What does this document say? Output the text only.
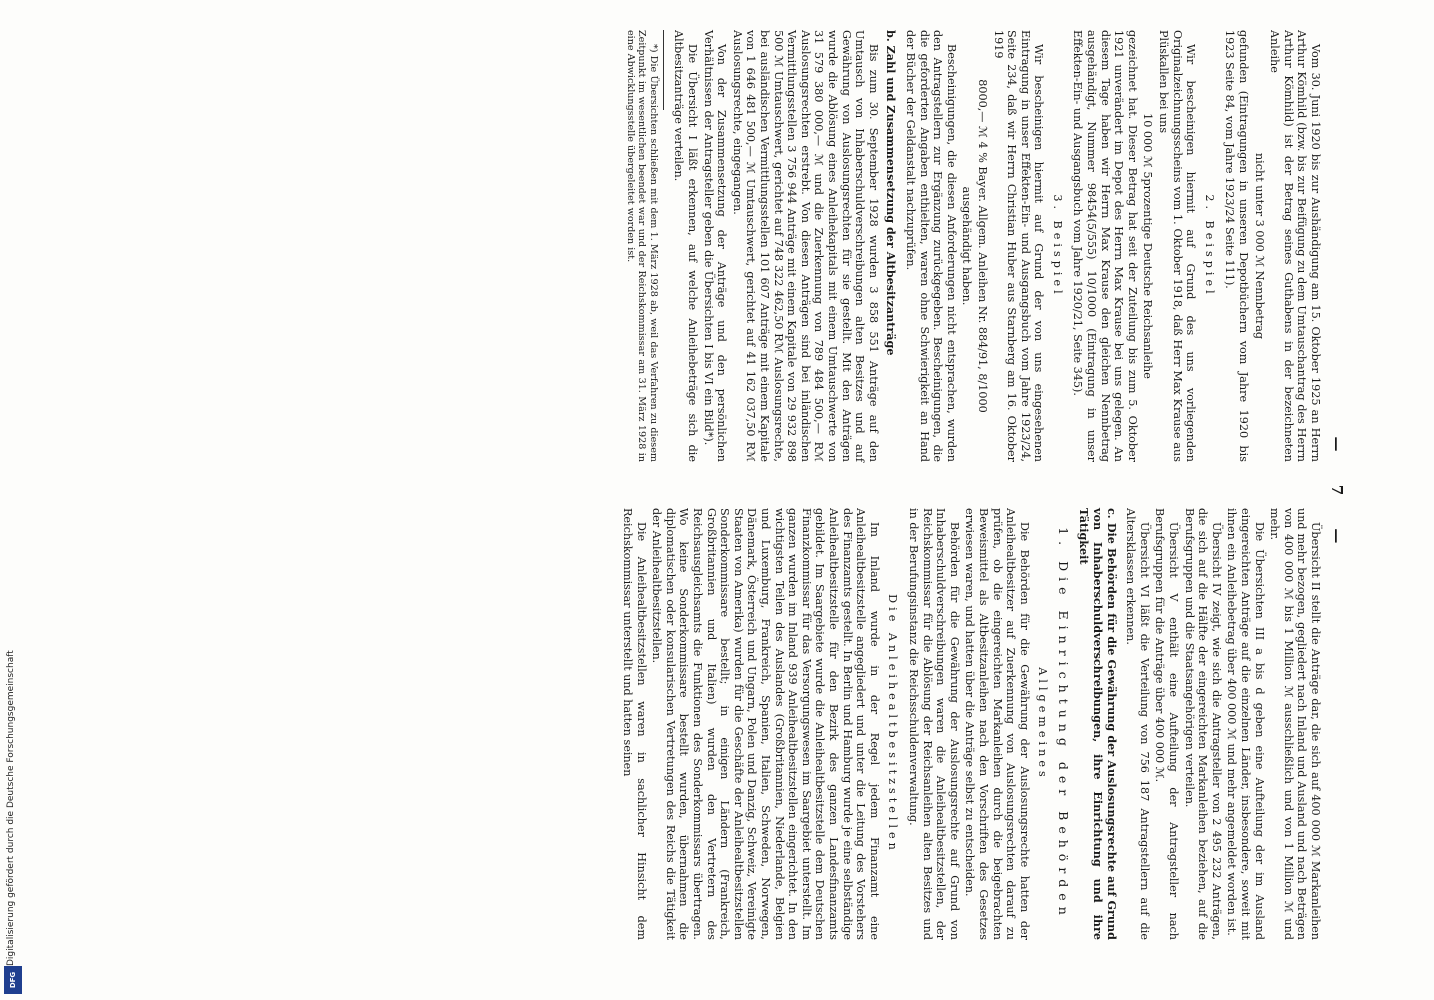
— 7 —

Vom 30. Juni 1920 bis zur Aushändigung am 15. Oktober 1925 an Herrn Arthur Kömhild (bzw. bis zur Beifügung zu dem Umtauschantrag des Herrn Arthur Kömhild) ist der Betrag seines Guthabens in der bezeichneten Anleihe

nicht unter 3 000 ℳ Nennbetrag

gefunden (Eintragungen in unseren Depotbüchern vom Jahre 1920 bis 1923 Seite 84, vom Jahre 1923/24 Seite 111).

2. Beispiel

Wir bescheinigen hiermit auf Grund des uns vorliegenden Originalzeichnungsscheins vom 1. Oktober 1918, daß Herr Max Krause aus Plüskallen bei uns

10 000 ℳ 5prozentige Deutsche Reichsanleihe

gezeichnet hat. Dieser Betrag hat seit der Zuteilung bis zum 5. Oktober 1921 unverändert im Depot des Herrn Max Krause bei uns gelegen. An diesem Tage haben wir Herrn Max Krause den gleichen Nennbetrag ausgehändigt, Nummer 98454(5/555) 10/1000 (Eintragung in unser Effekten-Ein- und Ausgangsbuch vom Jahre 1920/21, Seite 345).

3. Beispiel

Wir bescheinigen hiermit auf Grund der von uns eingesehenen Eintragung in unser Effekten-Ein- und Ausgangsbuch vom Jahre 1923/24, Seite 234, daß wir Herrn Christian Huber aus Starnberg am 16. Oktober 1919

8000,— ℳ 4 % Bayer. Allgem. Anleihen Nr. 884/91, 8/1000

ausgehändigt haben.

Bescheinigungen, die diesen Anforderungen nicht entsprachen, wurden den Antragstellern zur Ergänzung zurückgegeben. Bescheinigungen, die die geforderten Angaben enthielten, waren ohne Schwierigkeit an Hand der Bücher der Geldanstalt nachzuprüfen.

b. Zahl und Zusammensetzung der Altbesitzanträge

Bis zum 30. September 1928 wurden 3 858 551 Anträge auf den Umtausch von Inhaberschuldverschreibungen alten Besitzes und auf Gewährung von Auslosungsrechten für sie gestellt. Mit den Anträgen wurde die Ablösung eines Anleihekapitals mit einem Umtauschwerte von 31 579 380 000,— ℳ und die Zuerkennung von 789 484 500,— Rℳ Auslosungsrechten erstrebt. Von diesen Anträgen sind bei inländischen Vermittlungsstellen 3 756 944 Anträge mit einem Kapitale von 29 932 898 500 ℳ Umtauschwert, gerichtet auf 748 322 462,50 Rℳ Auslosungsrechte, bei ausländischen Vermittlungsstellen 101 607 Anträge mit einem Kapitale von 1 646 481 500,— ℳ Umtauschwert, gerichtet auf 41 162 037,50 Rℳ Auslosungsrechte, eingegangen.

Von der Zusammensetzung der Anträge und den persönlichen Verhältnissen der Antragsteller geben die Übersichten I bis VI ein Bild*).

Die Übersicht I läßt erkennen, auf welche Anleihebeträge sich die Altbesitzanträge verteilen.

*) Die Übersichten schließen mit dem 1. März 1928 ab, weil das Verfahren zu diesem Zeitpunkt im wesentlichen beendet war und der Reichskommissar am 31. März 1928 in eine Abwicklungsstelle übergeleitet worden ist.

Übersicht II stellt die Anträge dar, die sich auf 400 000 ℳ Markanleihen und mehr bezogen, gegliedert nach Inland und Ausland und nach Beträgen von 400 000 ℳ bis 1 Million ℳ ausschließlich und von 1 Million ℳ und mehr.

Die Übersichten III a bis d geben eine Aufteilung der im Ausland eingereichten Anträge auf die einzelnen Länder, insbesondere, soweit mit ihnen ein Anleihebetrag über 400 000 ℳ und mehr angemeldet worden ist.

Übersicht IV zeigt, wie sich die Antragsteller von 2 495 232 Anträgen, die sich auf die Hälfte der eingereichten Markanleihen beziehen, auf die Berufsgruppen und die Staatsangehörigen verteilen.

Übersicht V enthält eine Aufteilung der Antragsteller nach Berufsgruppen für die Anträge über 400 000 ℳ.

Übersicht VI läßt die Verteilung von 756 187 Antragstellern auf die Altersklassen erkennen.

c. Die Behörden für die Gewährung der Auslosungsrechte auf Grund von Inhaberschuldverschreibungen, ihre Einrichtung und ihre Tätigkeit
1. Die Einrichtung der Behörden
Allgemeines

Die Behörden für die Gewährung der Auslosungsrechte hatten der Anleihealtbesitzer auf Zuerkennung von Auslosungsrechten darauf zu prüfen, ob die eingereichten Markanleihen durch die beigebrachten Beweismittel als Altbesitzanleihen nach den Vorschriften des Gesetzes erwiesen waren, und hatten über die Anträge selbst zu entscheiden.

Behörden für die Gewährung der Auslosungsrechte auf Grund von Inhaberschuldverschreibungen waren die Anleihealtbesitzstellen, der Reichskommissar für die Ablösung der Reichsanleihen alten Besitzes und in der Berufungsinstanz die Reichsschuldenverwaltung.

Die Anleihealtbesitzstellen

Im Inland wurde in der Regel jedem Finanzamt eine Anleihealtbesitzstelle angegliedert und unter die Leitung des Vorstehers des Finanzamts gestellt. In Berlin und Hamburg wurde je eine selbständige Anleihealtbesitzstelle für den Bezirk des ganzen Landesfinanzamts gebildet. Im Saargebiete wurde die Anleihealtbesitzstelle dem Deutschen Finanzkommissar für das Versorgungswesen im Saargebiet unterstellt. Im ganzen wurden im Inland 939 Anleihealtbesitzstellen eingerichtet. In den wichtigsten Teilen des Auslandes (Großbritannien, Niederlande, Belgien und Luxemburg, Frankreich, Spanien, Italien, Schweden, Norwegen, Dänemark, Österreich und Ungarn, Polen und Danzig, Schweiz, Vereinigte Staaten von Amerika) wurden für die Geschäfte der Anleihealtbesitzstellen Sonderkommissare bestellt; in einigen Ländern (Frankreich, Großbritannien und Italien) wurden den Vertretern des Reichsausgleichsamts die Funktionen des Sonderkommissars übertragen. Wo keine Sonderkommissare bestellt wurden, übernahmen die diplomatischen oder konsularischen Vertretungen des Reichs die Tätigkeit der Anleihealtbesitzstellen.

Die Anleihealtbesitzstellen waren in sachlicher Hinsicht dem Reichskommissar unterstellt und hatten seinen

Digitalisierung gefördert durch die Deutsche Forschungsgemeinschaft
DFG
